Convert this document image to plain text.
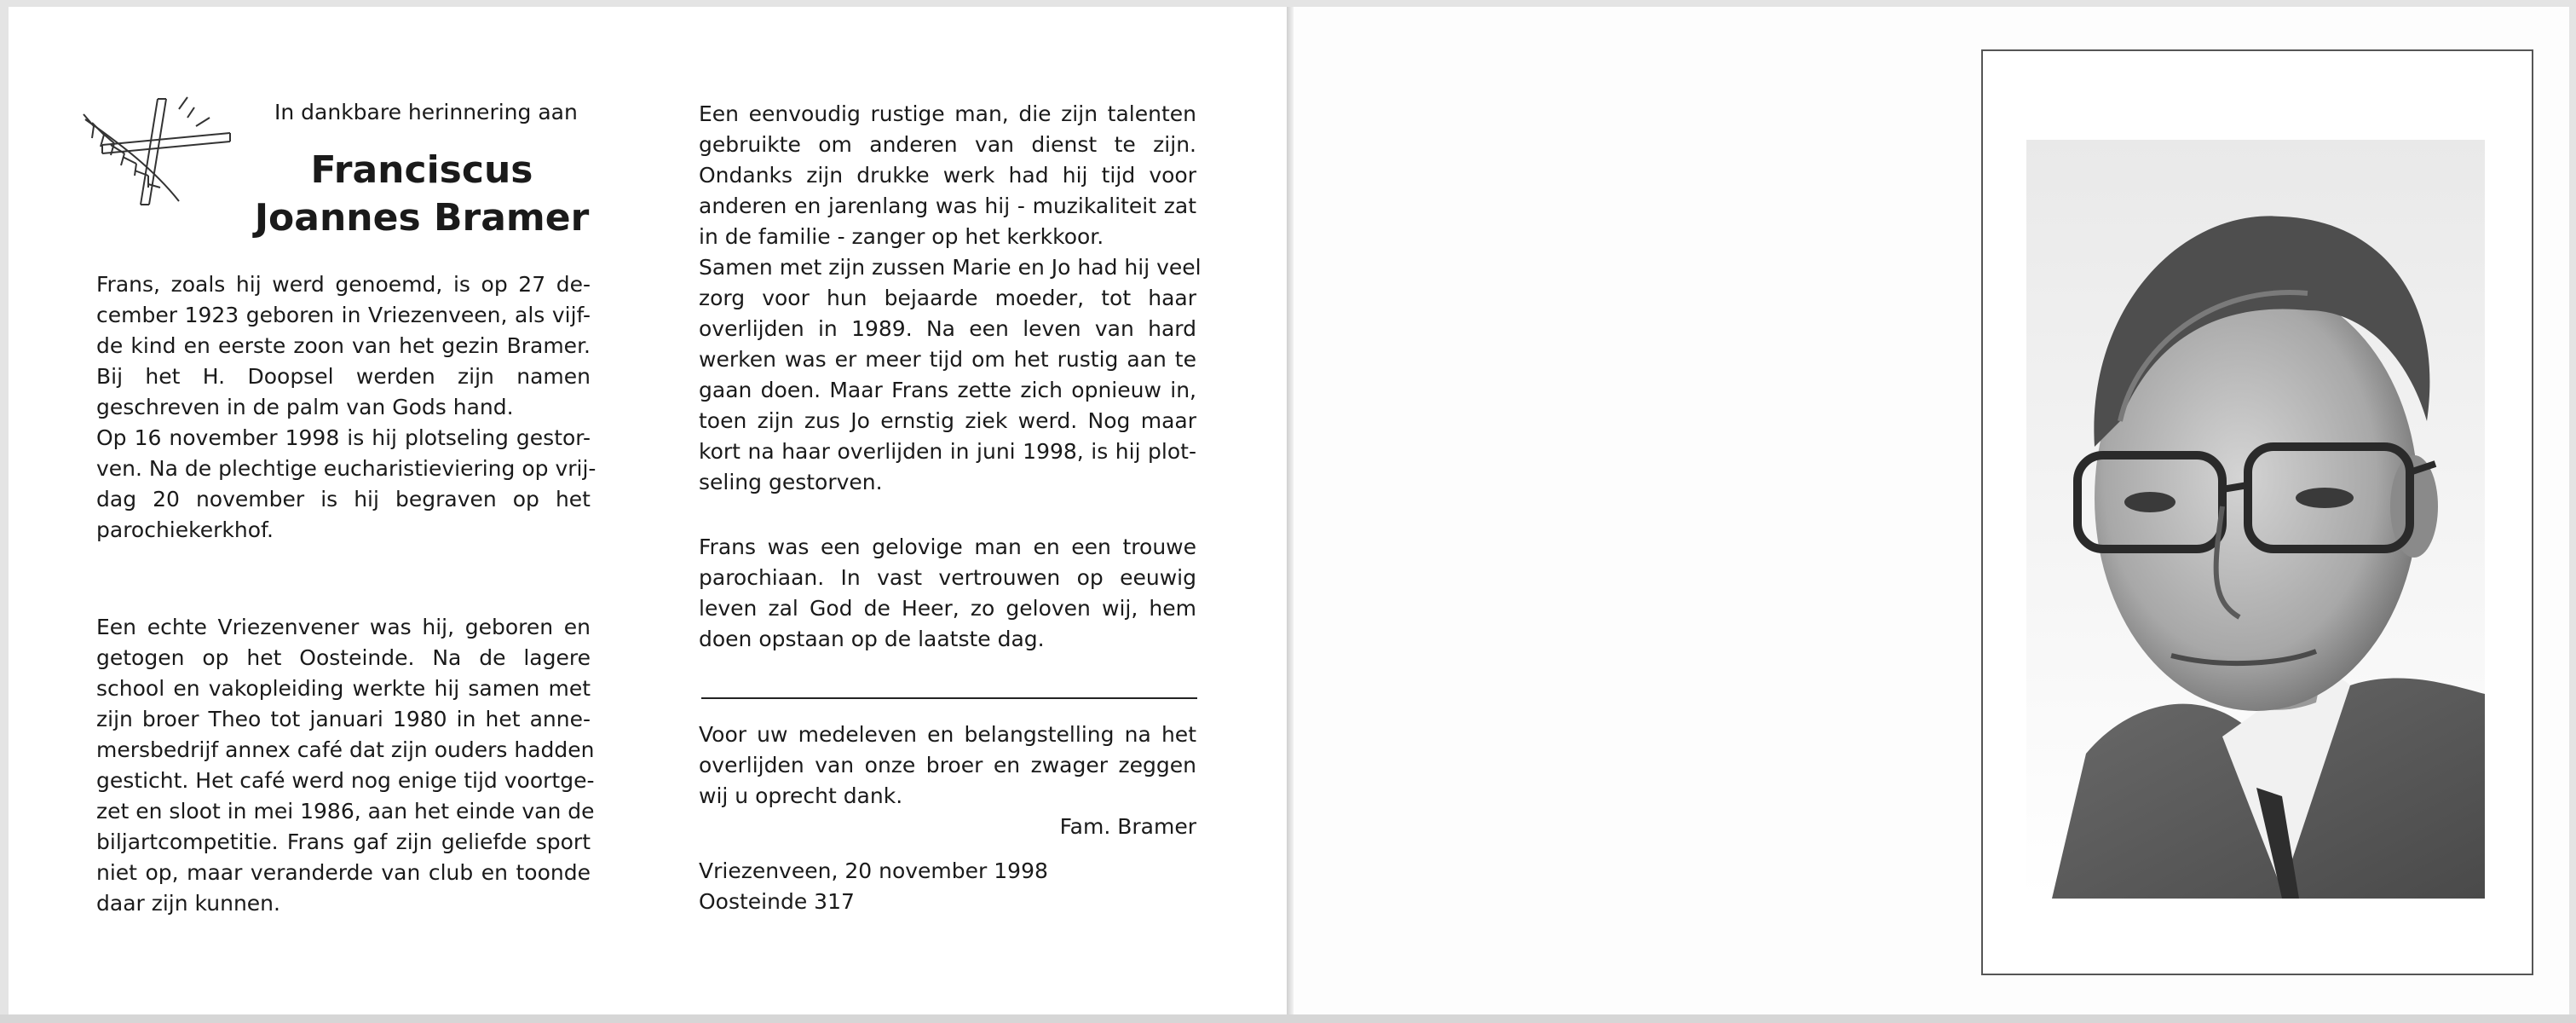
In dankbare herinnering aan
Franciscus
Joannes Bramer
Frans, zoals hij werd genoemd, is op 27 de-
cember 1923 geboren in Vriezenveen, als vijf-
de kind en eerste zoon van het gezin Bramer.
Bij het H. Doopsel werden zijn namen
geschreven in de palm van Gods hand.
Op 16 november 1998 is hij plotseling gestor-
ven. Na de plechtige eucharistieviering op vrij-
dag 20 november is hij begraven op het
parochiekerkhof.
Een echte Vriezenvener was hij, geboren en
getogen op het Oosteinde. Na de lagere
school en vakopleiding werkte hij samen met
zijn broer Theo tot januari 1980 in het anne-
mersbedrijf annex café dat zijn ouders hadden
gesticht. Het café werd nog enige tijd voortge-
zet en sloot in mei 1986, aan het einde van de
biljartcompetitie. Frans gaf zijn geliefde sport
niet op, maar veranderde van club en toonde
daar zijn kunnen.
Een eenvoudig rustige man, die zijn talenten
gebruikte om anderen van dienst te zijn.
Ondanks zijn drukke werk had hij tijd voor
anderen en jarenlang was hij - muzikaliteit zat
in de familie - zanger op het kerkkoor.
Samen met zijn zussen Marie en Jo had hij veel
zorg voor hun bejaarde moeder, tot haar
overlijden in 1989. Na een leven van hard
werken was er meer tijd om het rustig aan te
gaan doen. Maar Frans zette zich opnieuw in,
toen zijn zus Jo ernstig ziek werd. Nog maar
kort na haar overlijden in juni 1998, is hij plot-
seling gestorven.
Frans was een gelovige man en een trouwe
parochiaan. In vast vertrouwen op eeuwig
leven zal God de Heer, zo geloven wij, hem
doen opstaan op de laatste dag.
Voor uw medeleven en belangstelling na het
overlijden van onze broer en zwager zeggen
wij u oprecht dank.
Fam. Bramer
Vriezenveen, 20 november 1998
Oosteinde 317
